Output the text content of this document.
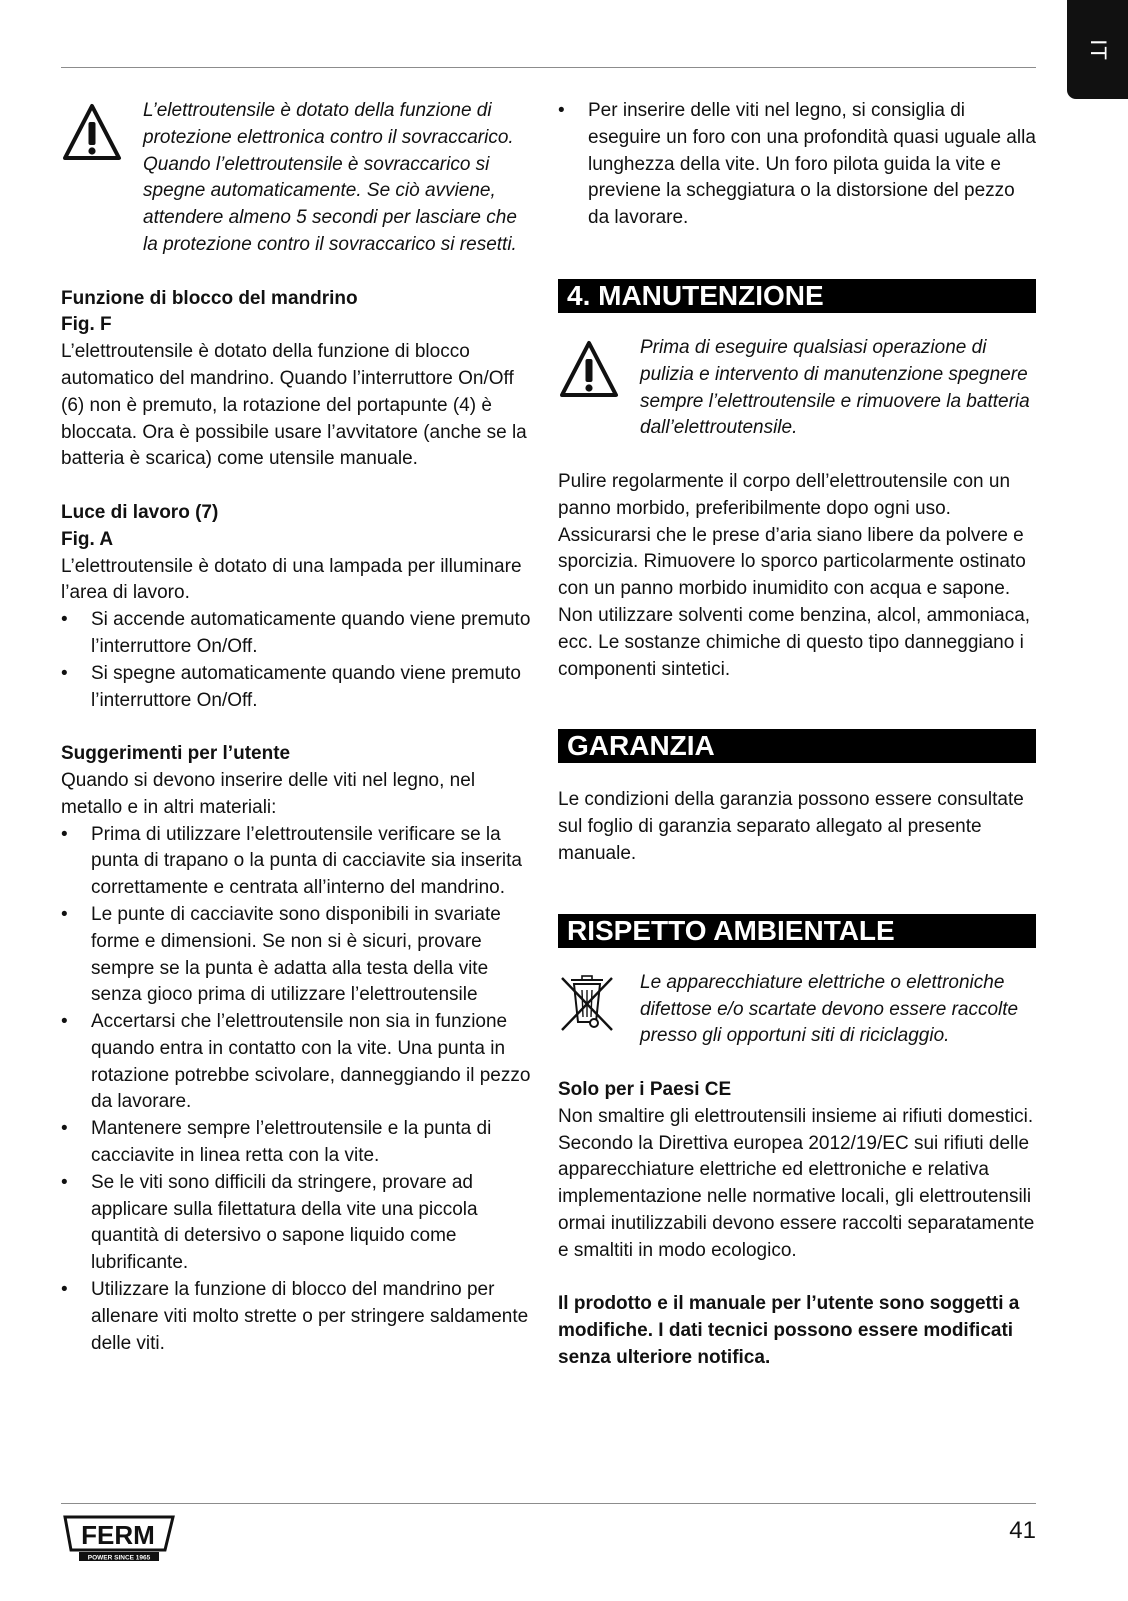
IT

L’elettroutensile è dotato della funzione di protezione elettronica contro il sovraccarico. Quando l’elettroutensile è sovraccarico si spegne automaticamente. Se ciò avviene, attendere almeno 5 secondi per lasciare che la protezione contro il sovraccarico si resetti.

Funzione di blocco del mandrino

Fig. F

L’elettroutensile è dotato della funzione di blocco automatico del mandrino. Quando l’interruttore On/Off (6) non è premuto, la rotazione del portapunte (4) è bloccata. Ora è possibile usare l’avvitatore (anche se la batteria è scarica) come utensile manuale.

Luce di lavoro (7)

Fig. A

L’elettroutensile è dotato di una lampada per illuminare l’area di lavoro.

• Si accende automaticamente quando viene premuto l’interruttore On/Off.
• Si spegne automaticamente quando viene premuto l’interruttore On/Off.

Suggerimenti per l’utente

Quando si devono inserire delle viti nel legno, nel metallo e in altri materiali:

• Prima di utilizzare l’elettroutensile verificare se la punta di trapano o la punta di cacciavite sia inserita correttamente e centrata all’interno del mandrino.
• Le punte di cacciavite sono disponibili in svariate forme e dimensioni. Se non si è sicuri, provare sempre se la punta è adatta alla testa della vite senza gioco prima di utilizzare l’elettroutensile
• Accertarsi che l’elettroutensile non sia in funzione quando entra in contatto con la vite. Una punta in rotazione potrebbe scivolare, danneggiando il pezzo da lavorare.
• Mantenere sempre l’elettroutensile e la punta di cacciavite in linea retta con la vite.
• Se le viti sono difficili da stringere, provare ad applicare sulla filettatura della vite una piccola quantità di detersivo o sapone liquido come lubrificante.
• Utilizzare la funzione di blocco del mandrino per allenare viti molto strette o per stringere saldamente delle viti.
• Per inserire delle viti nel legno, si consiglia di eseguire un foro con una profondità quasi uguale alla lunghezza della vite. Un foro pilota guida la vite e previene la scheggiatura o la distorsione del pezzo da lavorare.
4. MANUTENZIONE

Prima di eseguire qualsiasi operazione di pulizia e intervento di manutenzione spegnere sempre l’elettroutensile e rimuovere la batteria dall’elettroutensile.

Pulire regolarmente il corpo dell’elettroutensile con un panno morbido, preferibilmente dopo ogni uso. Assicurarsi che le prese d’aria siano libere da polvere e sporcizia. Rimuovere lo sporco particolarmente ostinato con un panno morbido inumidito con acqua e sapone. Non utilizzare solventi come benzina, alcol, ammoniaca, ecc. Le sostanze chimiche di questo tipo danneggiano i componenti sintetici.

GARANZIA

Le condizioni della garanzia possono essere consultate sul foglio di garanzia separato allegato al presente manuale.

RISPETTO AMBIENTALE

Le apparecchiature elettriche o elettroniche difettose e/o scartate devono essere raccolte presso gli opportuni siti di riciclaggio.

Solo per i Paesi CE

Non smaltire gli elettroutensili insieme ai rifiuti domestici. Secondo la Direttiva europea 2012/19/EC sui rifiuti delle apparecchiature elettriche ed elettroniche e relativa implementazione nelle normative locali, gli elettroutensili ormai inutilizzabili devono essere raccolti separatamente e smaltiti in modo ecologico.

Il prodotto e il manuale per l’utente sono soggetti a modifiche. I dati tecnici possono essere modificati senza ulteriore notifica.

FERM
POWER SINCE 1965
41
